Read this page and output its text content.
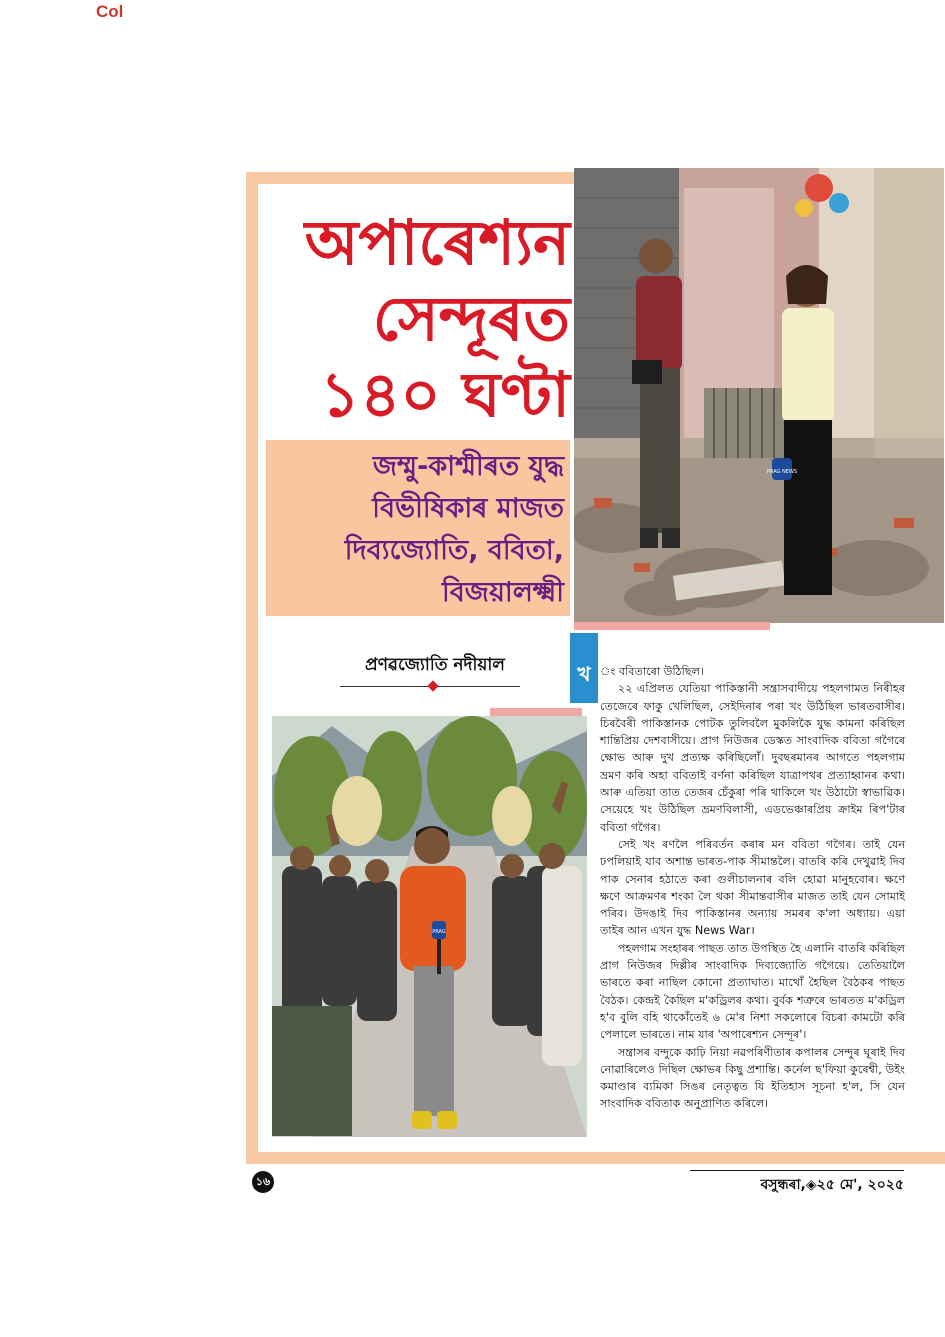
Col
অপাৰেশ্যন
সেন্দূৰত
১৪০ ঘণ্টা
জম্মু-কাশ্মীৰত যুদ্ধ
বিভীষিকাৰ মাজত
দিব্যজ্যোতি, ববিতা,
বিজয়ালক্ষ্মী
PRAG NEWS
প্ৰণৱজ্যোতি নদীয়াল
PRAG
খ ং ববিতাৰো উঠিছিল।

২২ এপ্ৰিলত যেতিয়া পাকিস্তানী সন্ত্ৰাসবাদীয়ে পহলগামত নিৰীহৰ তেজেৰে ফাকু খেলিছিল, সেইদিনাৰ পৰা খং উঠিছিল ভাৰতবাসীৰ। চিৰবৈৰী পাকিস্তানক পোটক তুলিবলৈ মুকলিকৈ যুদ্ধ কামনা কৰিছিল শান্তিপ্ৰিয় দেশবাসীয়ে। প্ৰাগ নিউজৰ ডেস্কত সাংবাদিক ববিতা গগৈৰে ক্ষোভ আৰু দুখ প্ৰত্যক্ষ কৰিছিলোঁ। দুবছৰমানৰ আগতে পহলগাম ভ্ৰমণ কৰি অহা ববিতাই বৰ্ণনা কৰিছিল যাত্ৰাপথৰ প্ৰত্যাহ্বানৰ কথা। আৰু এতিয়া তাত তেজৰ চেঁকুৰা পৰি থাকিলে খং উঠাটো স্বাভাৱিক। সেয়েহে খং উঠিছিল ভ্ৰমণবিলাসী, এডভেঞ্চাৰপ্ৰিয় ক্ৰাইম ৰিপ'টাৰ ববিতা গগৈৰ।

সেই খং ৰণলৈ পৰিবৰ্তন কৰাৰ মন ববিতা গগৈৰ। তাই যেন ঢপলিয়াই যাব অশান্ত ভাৰত-পাক সীমান্তলৈ। বাতৰি কৰি দেখুৱাই দিব পাক সেনাৰ হঠাতে কৰা গুলীচালনাৰ বলি হোৱা মানুহবোৰ। ক্ষণে ক্ষণে আক্ৰমণৰ শংকা লৈ থকা সীমান্তবাসীৰ মাজত তাই যেন সোমাই পৰিব। উদঙাই দিব পাকিস্তানৰ অন্যায় সমৰৰ ক'লা অধ্যায়। এয়া তাইৰ আন এখন যুদ্ধ News War।

পহলগাম সংহাৰৰ পাছত তাত উপস্থিত হৈ এলানি বাতৰি কৰিছিল প্ৰাগ নিউজৰ দিল্লীৰ সাংবাদিক দিব্যজ্যোতি গগৈয়ে। তেতিয়ালৈ ভাৰতে কৰা নাছিল কোনো প্ৰত্যাঘাত। মাথোঁ হৈছিল বৈঠকৰ পাছত বৈঠক। কেন্দ্ৰই কৈছিল ম'কড্ৰিলৰ কথা। বুৰ্বক শত্ৰুৰে ভাৰতত ম'কড্ৰিল হ'ব বুলি বহি থাকোঁতেই ৬ মে'ৰ নিশা সকলোৰে বিচৰা কামটো কৰি পেলালে ভাৰতে। নাম যাৰ 'অপাৰেশ্যন সেন্দূৰ'।

সন্ত্ৰাসৰ বন্দুকে কাঢ়ি নিয়া নৱপৰিণীতাৰ কপালৰ সেন্দুৰ ঘূৰাই দিব নোৱাৰিলেও দিছিল ক্ষোভৰ কিছু প্ৰশান্তি। কৰ্নেল ছ'ফিয়া কুৰেশ্বী, উইং কমাণ্ডাৰ ব্যমিকা সিঙৰ নেতৃত্বত যি ইতিহাস সূচনা হ'ল, সি যেন সাংবাদিক ববিতাক অনুপ্ৰাণিত কৰিলে।

১৬	বসুন্ধৰা,◈২৫ মে', ২০২৫
